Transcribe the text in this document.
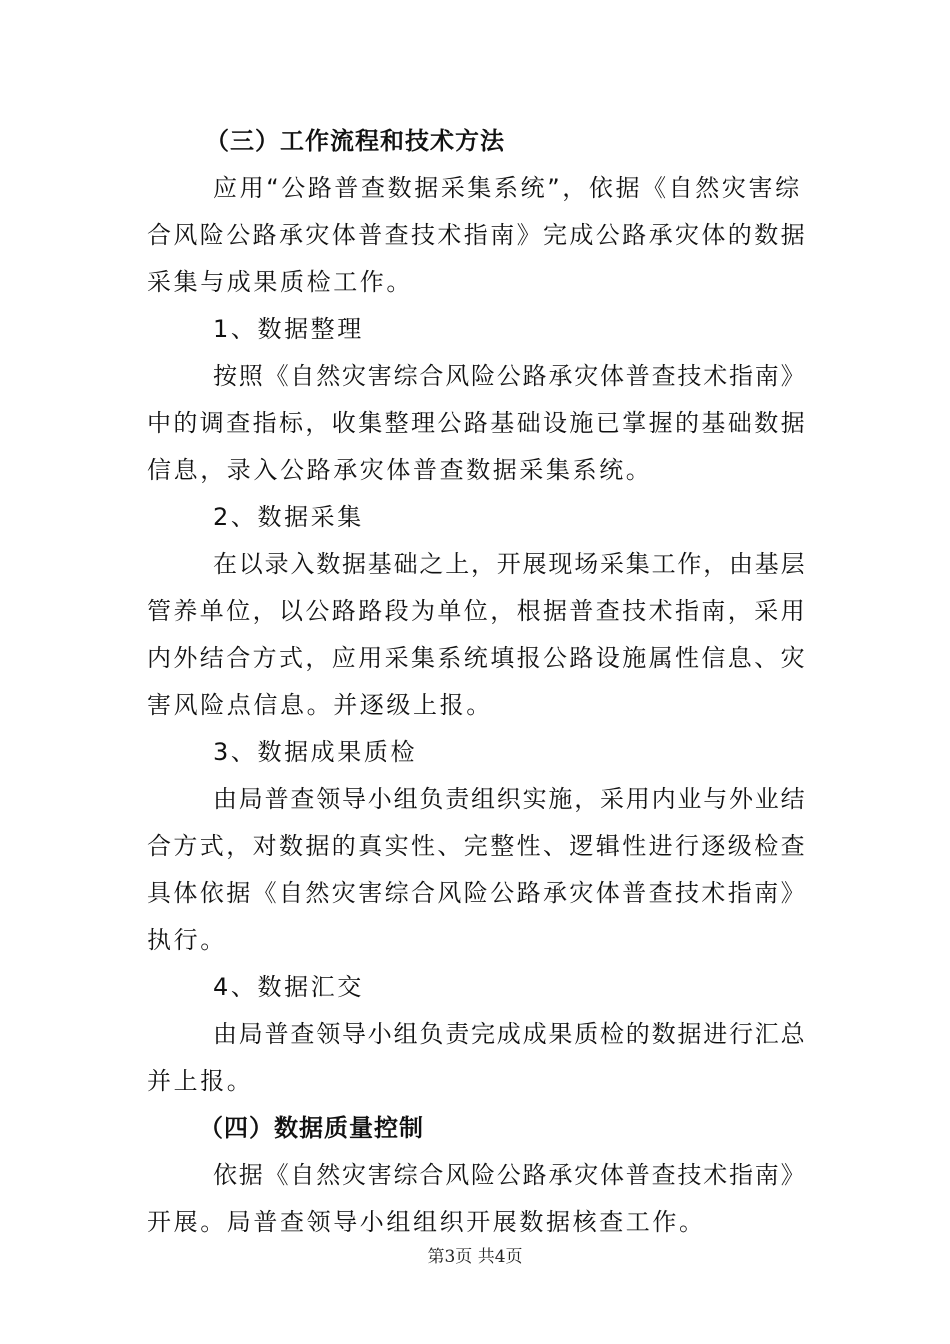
（三）工作流程和技术方法
应用“公路普查数据采集系统”，依据《自然灾害综
合风险公路承灾体普查技术指南》完成公路承灾体的数据
采集与成果质检工作。
1、数据整理
按照《自然灾害综合风险公路承灾体普查技术指南》
中的调查指标，收集整理公路基础设施已掌握的基础数据
信息，录入公路承灾体普查数据采集系统。
2、数据采集
在以录入数据基础之上，开展现场采集工作，由基层
管养单位，以公路路段为单位，根据普查技术指南，采用
内外结合方式，应用采集系统填报公路设施属性信息、灾
害风险点信息。并逐级上报。
3、数据成果质检
由局普查领导小组负责组织实施，采用内业与外业结
合方式，对数据的真实性、完整性、逻辑性进行逐级检查
具体依据《自然灾害综合风险公路承灾体普查技术指南》
执行。
4、数据汇交
由局普查领导小组负责完成成果质检的数据进行汇总
并上报。
（四）数据质量控制
依据《自然灾害综合风险公路承灾体普查技术指南》
开展。局普查领导小组组织开展数据核查工作。
第3页 共4页
